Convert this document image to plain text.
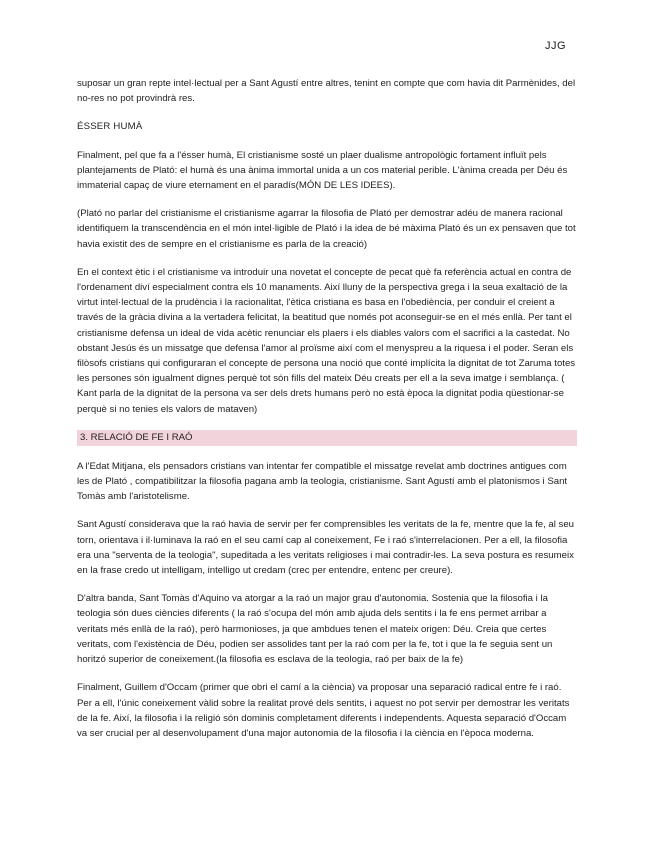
JJG

suposar un gran repte intel·lectual per a Sant Agustí entre altres, tenint en compte que com havia dit Parmènides, del no-res no pot provindrà res.

ÉSSER HUMÀ

Finalment, pel que fa a l'ésser humà, El cristianisme sosté un plaer dualisme antropològic fortament influït pels plantejaments de Plató: el humà és una ànima immortal unida a un cos material perible. L'ànima creada per Déu és immaterial capaç de viure eternament en el paradís(MÓN DE LES IDEES).

(Plató no parlar del cristianisme el cristianisme agarrar la filosofia de Plató per demostrar adéu de manera racional identifiquem la transcendència en el món intel·ligible de Plató i la idea de bé màxima Plató és un ex pensaven que tot havia existit des de sempre en el cristianisme es parla de la creació)

En el context ètic i el cristianisme va introduir una novetat el concepte de pecat què fa referència actual en contra de l'ordenament diví especialment contra els 10 manaments. Així lluny de la perspectiva grega i la seua exaltació de la virtut intel·lectual de la prudència i la racionalitat, l'ètica cristiana es basa en l'obediència, per conduir el creient a través de la gràcia divina a la vertadera felicitat, la beatitud que només pot aconseguir-se en el més enllà. Per tant el cristianisme defensa un ideal de vida acètic renunciar els plaers i els diables valors com el sacrifici a la castedat. No obstant Jesús és un missatge que defensa l'amor al proïsme així com el menyspreu a la riquesa i el poder. Seran els filòsofs cristians qui configuraran el concepte de persona una noció que conté implícita la dignitat de tot Zaruma totes les persones són igualment dignes perquè tot són fills del mateix Déu creats per ell a la seva imatge i semblança. ( Kant parla de la dignitat de la persona va ser dels drets humans però no està època la dignitat podia qüestionar-se perquè si no tenies els valors de mataven)

3. RELACIÓ DE FE I RAÓ

A l'Edat Mitjana, els pensadors cristians van intentar fer compatible el missatge revelat amb doctrines antigues com les de Plató , compatibilitzar la filosofia pagana amb la teologia, cristianisme. Sant Agustí amb el platonismos i Sant Tomàs amb l'aristotelisme.

Sant Agustí considerava que la raó havia de servir per fer comprensibles les veritats de la fe, mentre que la fe, al seu torn, orientava i il·luminava la raó en el seu camí cap al coneixement, Fe i raó s'interrelacionen. Per a ell, la filosofia era una "serventa de la teologia", supeditada a les veritats religioses i mai contradir-les. La seva postura es resumeix en la frase credo ut intelligam, intelligo ut credam (crec per entendre, entenc per creure).

D'altra banda, Sant Tomàs d'Aquino va atorgar a la raó un major grau d'autonomia. Sostenia que la filosofia i la teologia són dues ciències diferents ( la raó s'ocupa del món amb ajuda dels sentits i la fe ens permet arribar a veritats més enllà de la raó), però harmonioses, ja que ambdues tenen el mateix origen: Déu. Creia que certes veritats, com l'existència de Déu, podien ser assolides tant per la raó com per la fe, tot i que la fe seguia sent un horitzó superior de coneixement.(la filosofia es esclava de la teologia, raó per baix de la fe)

Finalment, Guillem d'Occam (primer que obri el camí a la ciència) va proposar una separació radical entre fe i raó. Per a ell, l'únic coneixement vàlid sobre la realitat prové dels sentits, i aquest no pot servir per demostrar les veritats de la fe. Així, la filosofia i la religió són dominis completament diferents i independents. Aquesta separació d'Occam va ser crucial per al desenvolupament d'una major autonomia de la filosofia i la ciència en l'època moderna.
